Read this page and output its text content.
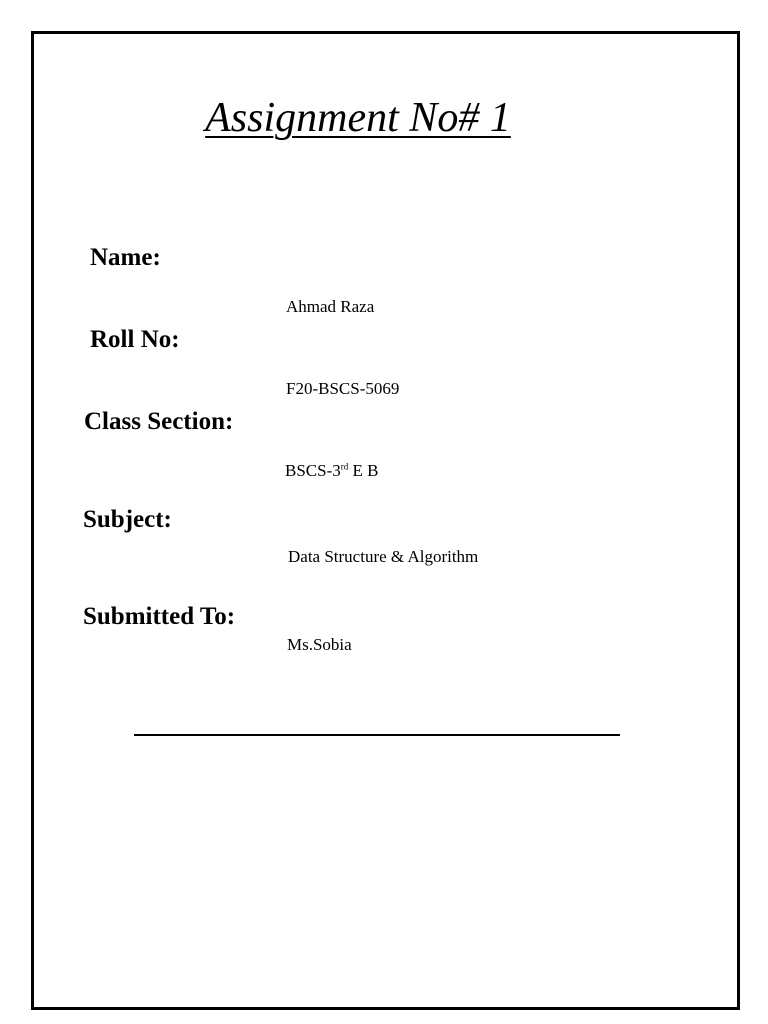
Assignment No# 1
Name:
Ahmad Raza
Roll No:
F20-BSCS-5069
Class Section:
BSCS-3rd E B
Subject:
Data Structure & Algorithm
Submitted To:
Ms.Sobia
